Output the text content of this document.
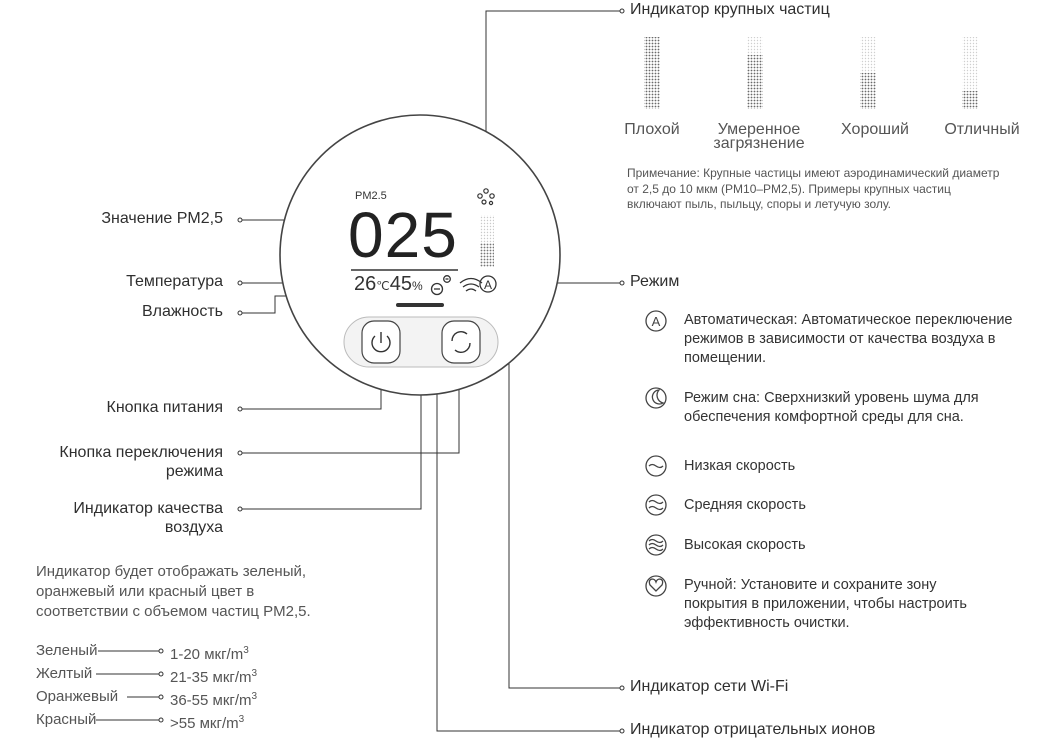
A
PM2.5
025
26℃45%
Значение PM2,5
Температура
Влажность
Кнопка питания
Кнопка переключения режима
Индикатор качества воздуха
Индикатор будет отображать зеленый, оранжевый или красный цвет в соответствии с объемом частиц PM2,5.
Зеленый
Желтый
Оранжевый
Красный
1-20 мкг/$m^3$
21-35 мкг/$m^3$
36-55 мкг/$m^3$
>55 мкг/$m^3$
Индикатор крупных частиц
Плохой	Умеренное загрязнение
Хороший	Отличный
Примечание: Крупные частицы имеют аэродинамический диаметр от 2,5 до 10 мкм (PM10–PM2,5). Примеры крупных частиц включают пыль, пыльцу, споры и летучую золу.
Режим
A Автоматическая: Автоматическое переключение режимов в зависимости от качества воздуха в помещении.
Режим сна: Сверхнизкий уровень шума для обеспечения комфортной среды для сна.
Низкая скорость
Средняя скорость
Высокая скорость
Ручной: Установите и сохраните зону покрытия в приложении, чтобы настроить эффективность очистки.
Индикатор сети Wi-Fi
Индикатор отрицательных ионов
